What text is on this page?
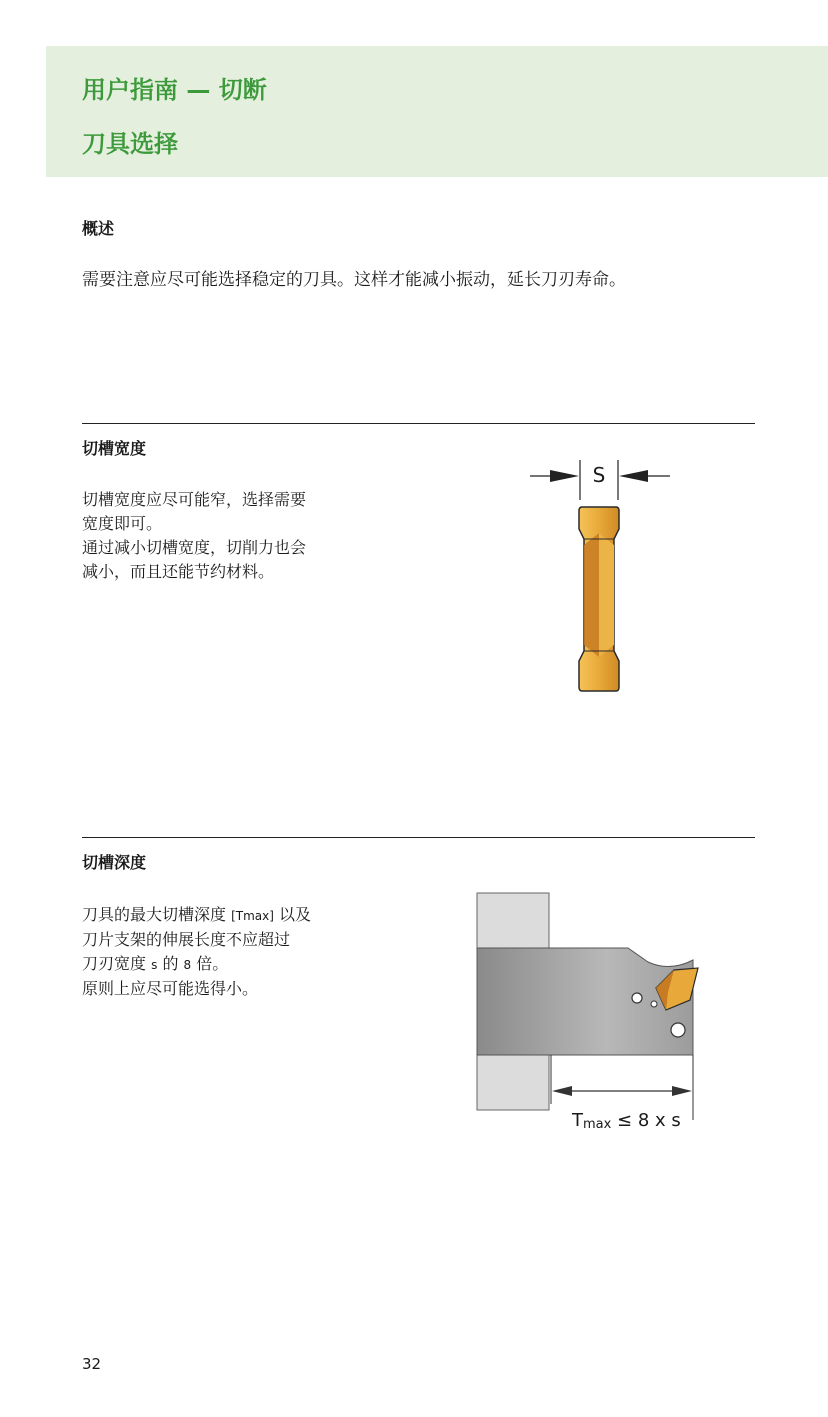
用户指南 — 切断
刀具选择
概述

需要注意应尽可能选择稳定的刀具。这样才能减小振动，延长刀刃寿命。

切槽宽度
切槽宽度应尽可能窄，选择需要
宽度即可。
通过减小切槽宽度，切削力也会
减小，而且还能节约材料。
S
切槽深度
刀具的最大切槽深度 [Tmax] 以及
刀片支架的伸展长度不应超过
刀刃宽度 s 的 8 倍。
原则上应尽可能选得小。
Tmax ≤ 8 x s
32
